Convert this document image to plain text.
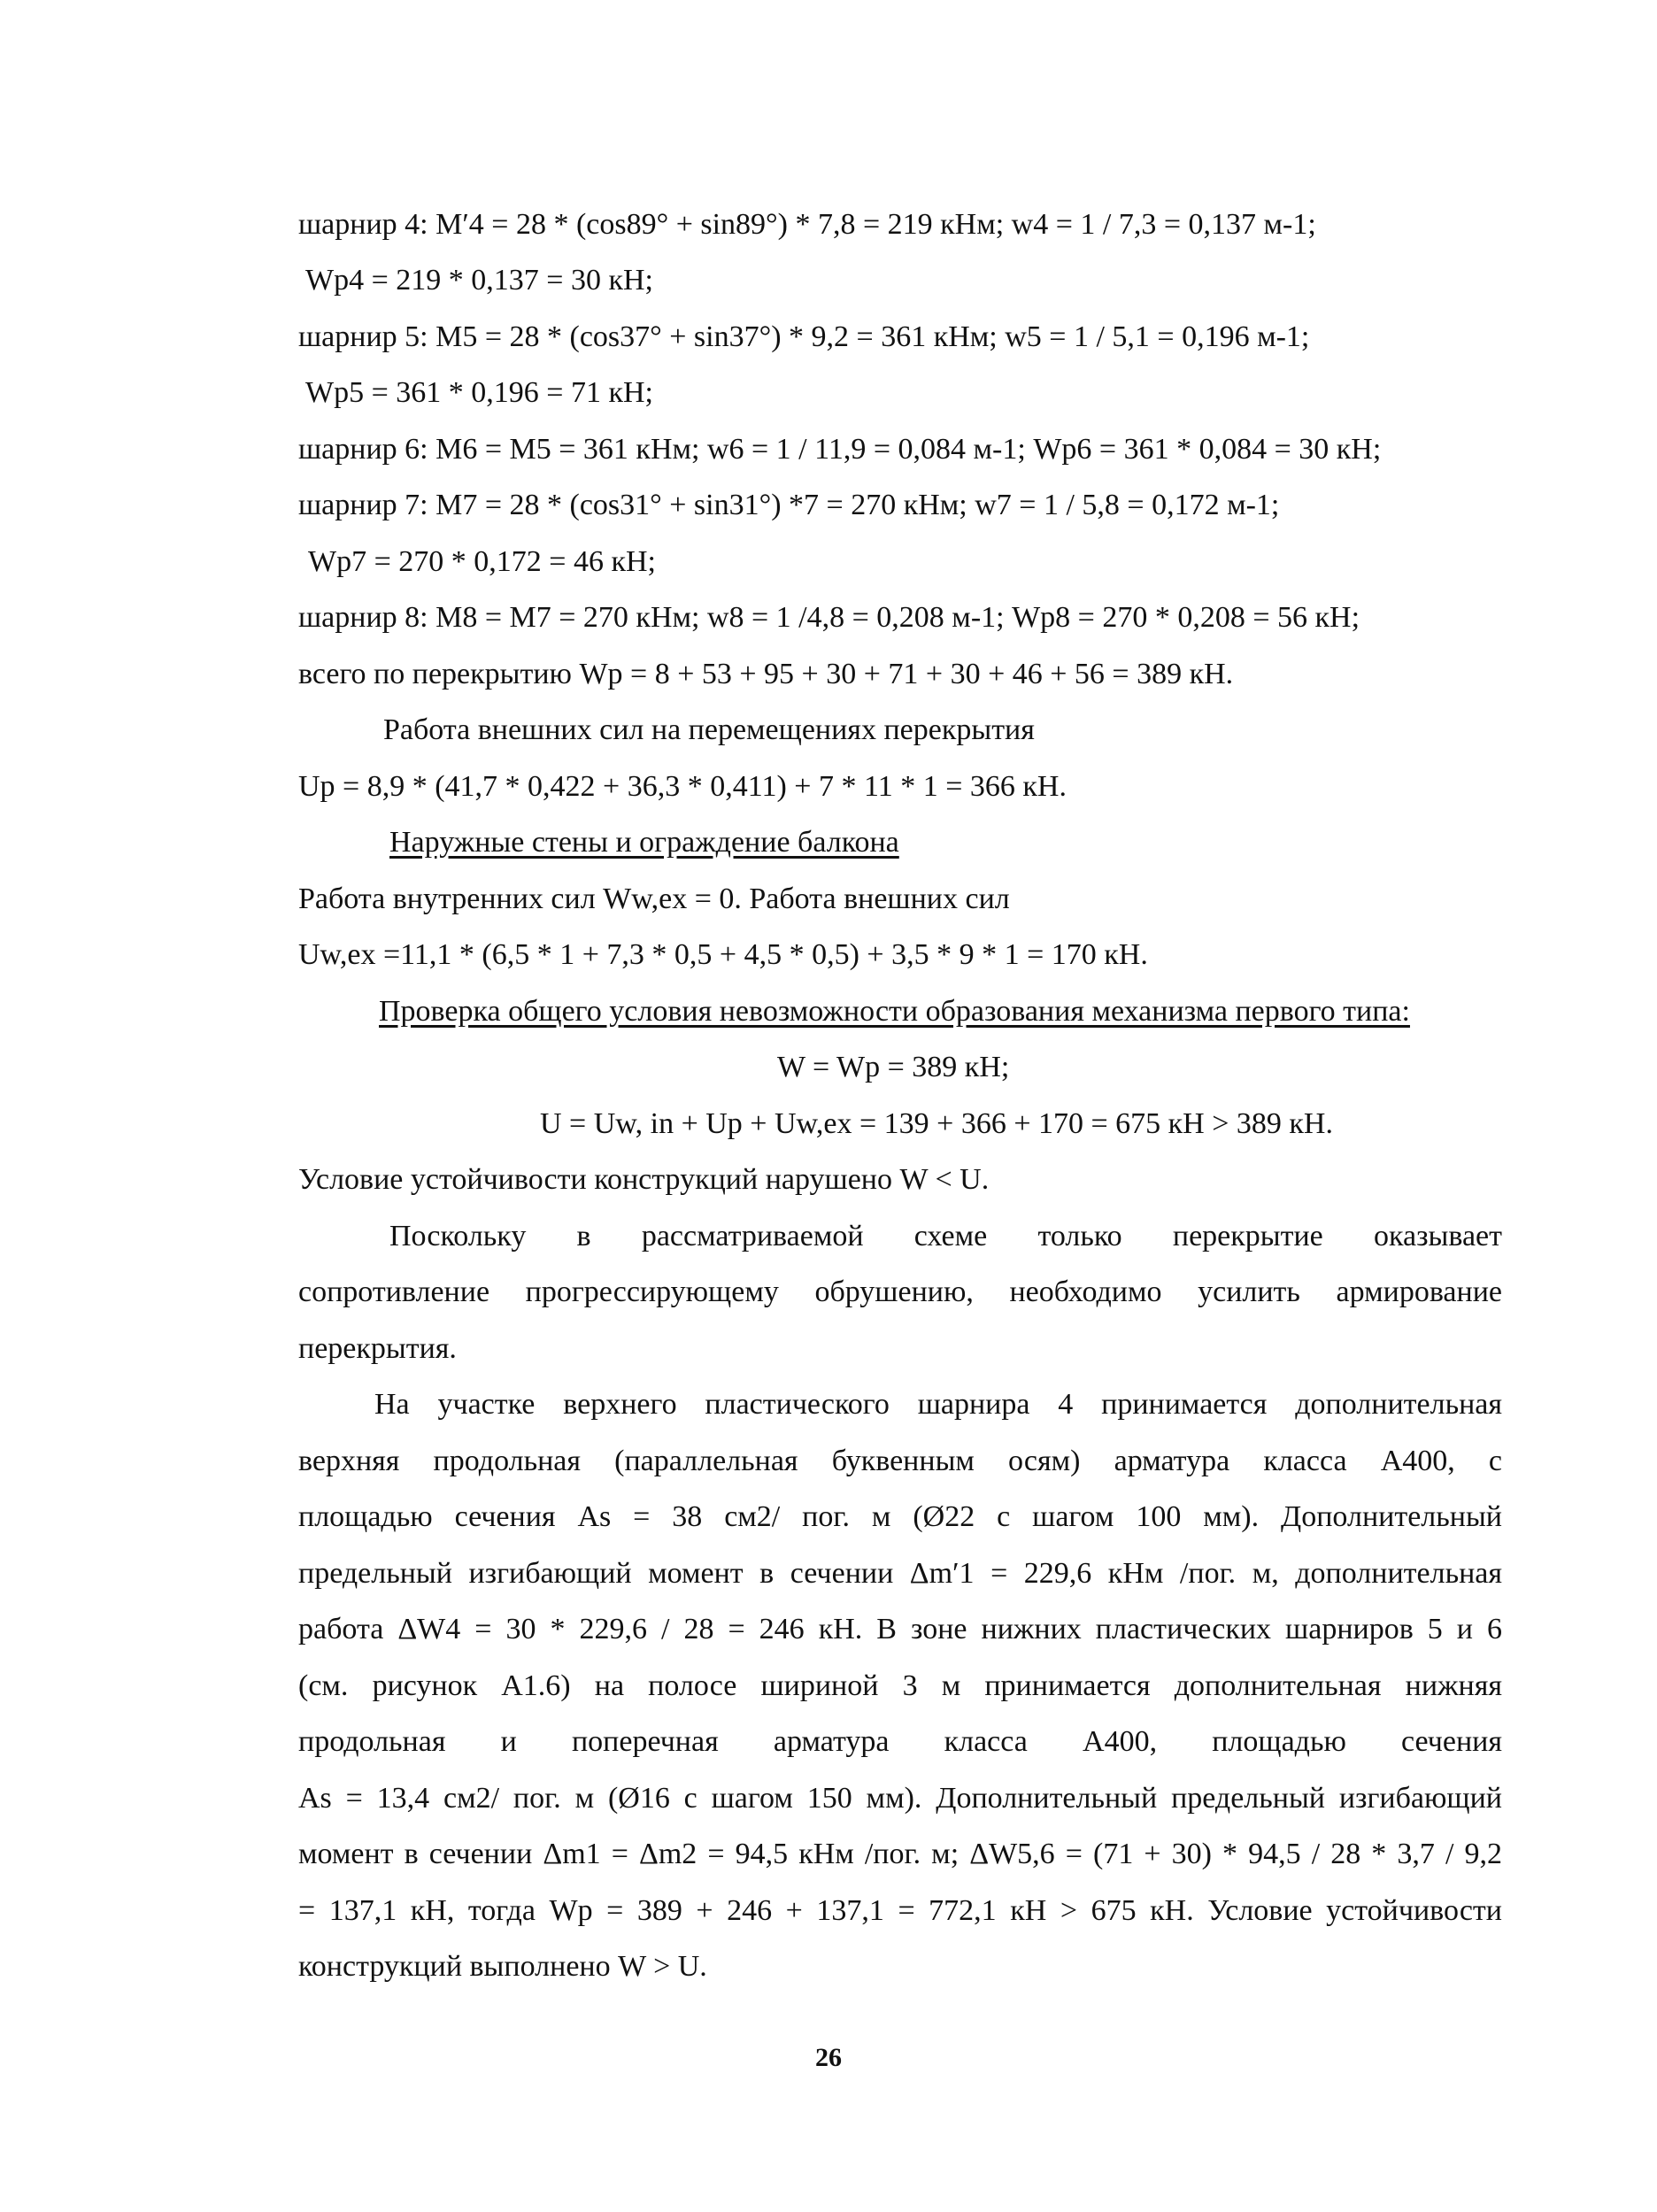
шарнир 4: M′4 = 28 * (cos89° + sin89°) * 7,8 = 219 кНм; w4 = 1 / 7,3 = 0,137 м-1;
Wp4 = 219 * 0,137 = 30 кН;
шарнир 5: M5 = 28 * (cos37° + sin37°) * 9,2 = 361 кНм; w5 = 1 / 5,1 = 0,196 м-1;
Wp5 = 361 * 0,196 = 71 кН;
шарнир 6: M6 = M5 = 361 кНм; w6 = 1 / 11,9 = 0,084 м-1; Wp6 = 361 * 0,084 = 30 кН;
шарнир 7: M7 = 28 * (cos31° + sin31°) *7 = 270 кНм; w7 = 1 / 5,8 = 0,172 м-1;
Wp7 = 270 * 0,172 = 46 кН;
шарнир 8: M8 = M7 = 270 кНм; w8 = 1 /4,8 = 0,208 м-1; Wp8 = 270 * 0,208 = 56 кН;
всего по перекрытию Wp = 8 + 53 + 95 + 30 + 71 + 30 + 46 + 56 = 389 кН.
Работа внешних сил на перемещениях перекрытия
Up = 8,9 * (41,7 * 0,422 + 36,3 * 0,411) + 7 * 11 * 1 = 366 кН.
Наружные стены и ограждение балкона
Работа внутренних сил Ww,ex = 0. Работа внешних сил
Uw,ex =11,1 * (6,5 * 1 + 7,3 * 0,5 + 4,5 * 0,5) + 3,5 * 9 * 1 = 170 кН.
Проверка общего условия невозможности образования механизма первого типа:
W = Wp = 389 кН;
U = Uw, in + Up + Uw,ex = 139 + 366 + 170 = 675 кН > 389 кН.
Условие устойчивости конструкций нарушено W < U.
Поскольку в рассматриваемой схеме только перекрытие оказывает
сопротивление прогрессирующему обрушению, необходимо усилить армирование
перекрытия.
На участке верхнего пластического шарнира 4 принимается дополнительная
верхняя продольная (параллельная буквенным осям) арматура класса А400, с
площадью сечения As = 38 см2/ пог. м (Ø22 с шагом 100 мм). Дополнительный
предельный изгибающий момент в сечении Δm′1 = 229,6 кНм /пог. м, дополнительная
работа ΔW4 = 30 * 229,6 / 28 = 246 кН. В зоне нижних пластических шарниров 5 и 6
(см. рисунок А1.6) на полосе шириной 3 м принимается дополнительная нижняя
продольная и поперечная арматура класса А400, площадью сечения
As = 13,4 см2/ пог. м (Ø16 с шагом 150 мм). Дополнительный предельный изгибающий
момент в сечении Δm1 = Δm2 = 94,5 кНм /пог. м; ΔW5,6 = (71 + 30) * 94,5 / 28 * 3,7 / 9,2
= 137,1 кН, тогда Wp = 389 + 246 + 137,1 = 772,1 кН > 675 кН. Условие устойчивости
конструкций выполнено W > U.
26
